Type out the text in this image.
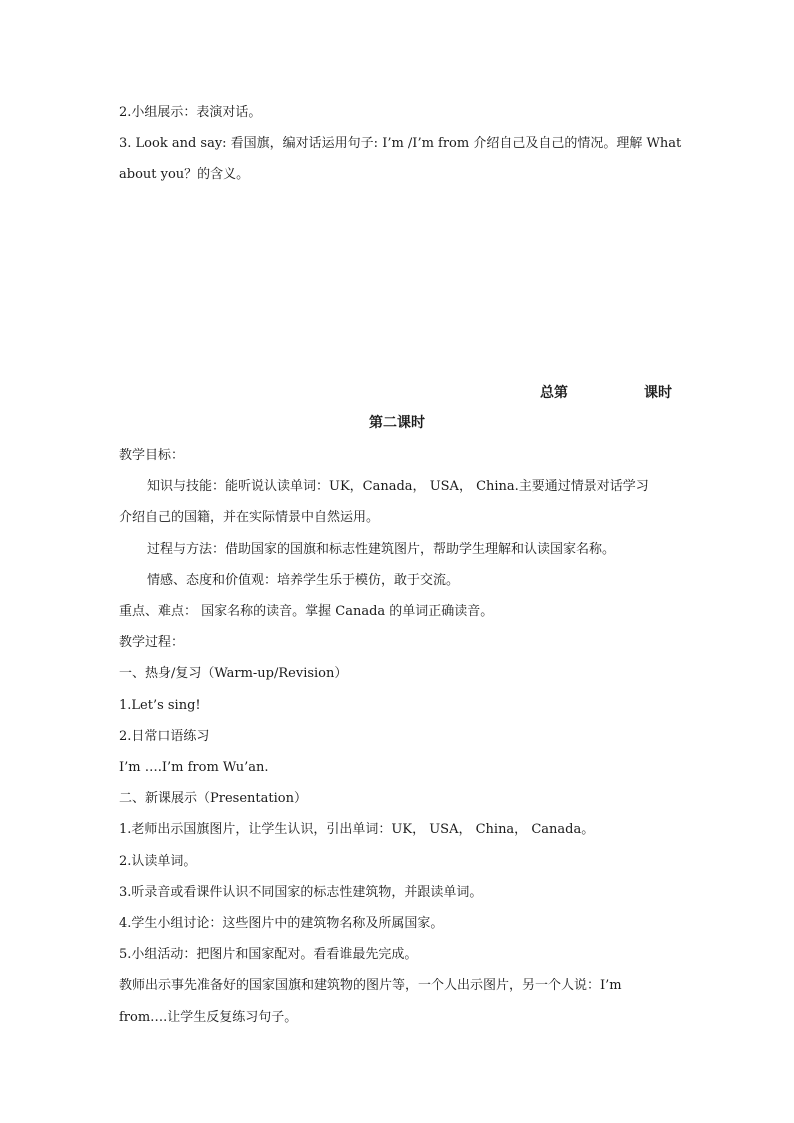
2.小组展示：表演对话。
3. Look and say: 看国旗，编对话运用句子: I’m /I’m from 介绍自己及自己的情况。理解 What
about you？的含义。
总第	课时
第二课时
教学目标：
知识与技能：能听说认读单词：UK，Canada， USA， China.主要通过情景对话学习
介绍自己的国籍，并在实际情景中自然运用。
过程与方法：借助国家的国旗和标志性建筑图片，帮助学生理解和认读国家名称。
情感、态度和价值观：培养学生乐于模仿，敢于交流。
重点、难点： 国家名称的读音。掌握 Canada 的单词正确读音。
教学过程：
一、热身/复习（Warm-up/Revision）
1.Let’s sing!
2.日常口语练习
I’m ….I’m from Wu’an.
二、新课展示（Presentation）
1.老师出示国旗图片，让学生认识，引出单词：UK， USA， China， Canada。
2.认读单词。
3.听录音或看课件认识不同国家的标志性建筑物，并跟读单词。
4.学生小组讨论：这些图片中的建筑物名称及所属国家。
5.小组活动：把图片和国家配对。看看谁最先完成。
教师出示事先准备好的国家国旗和建筑物的图片等，一个人出示图片，另一个人说：I’m
from….让学生反复练习句子。
